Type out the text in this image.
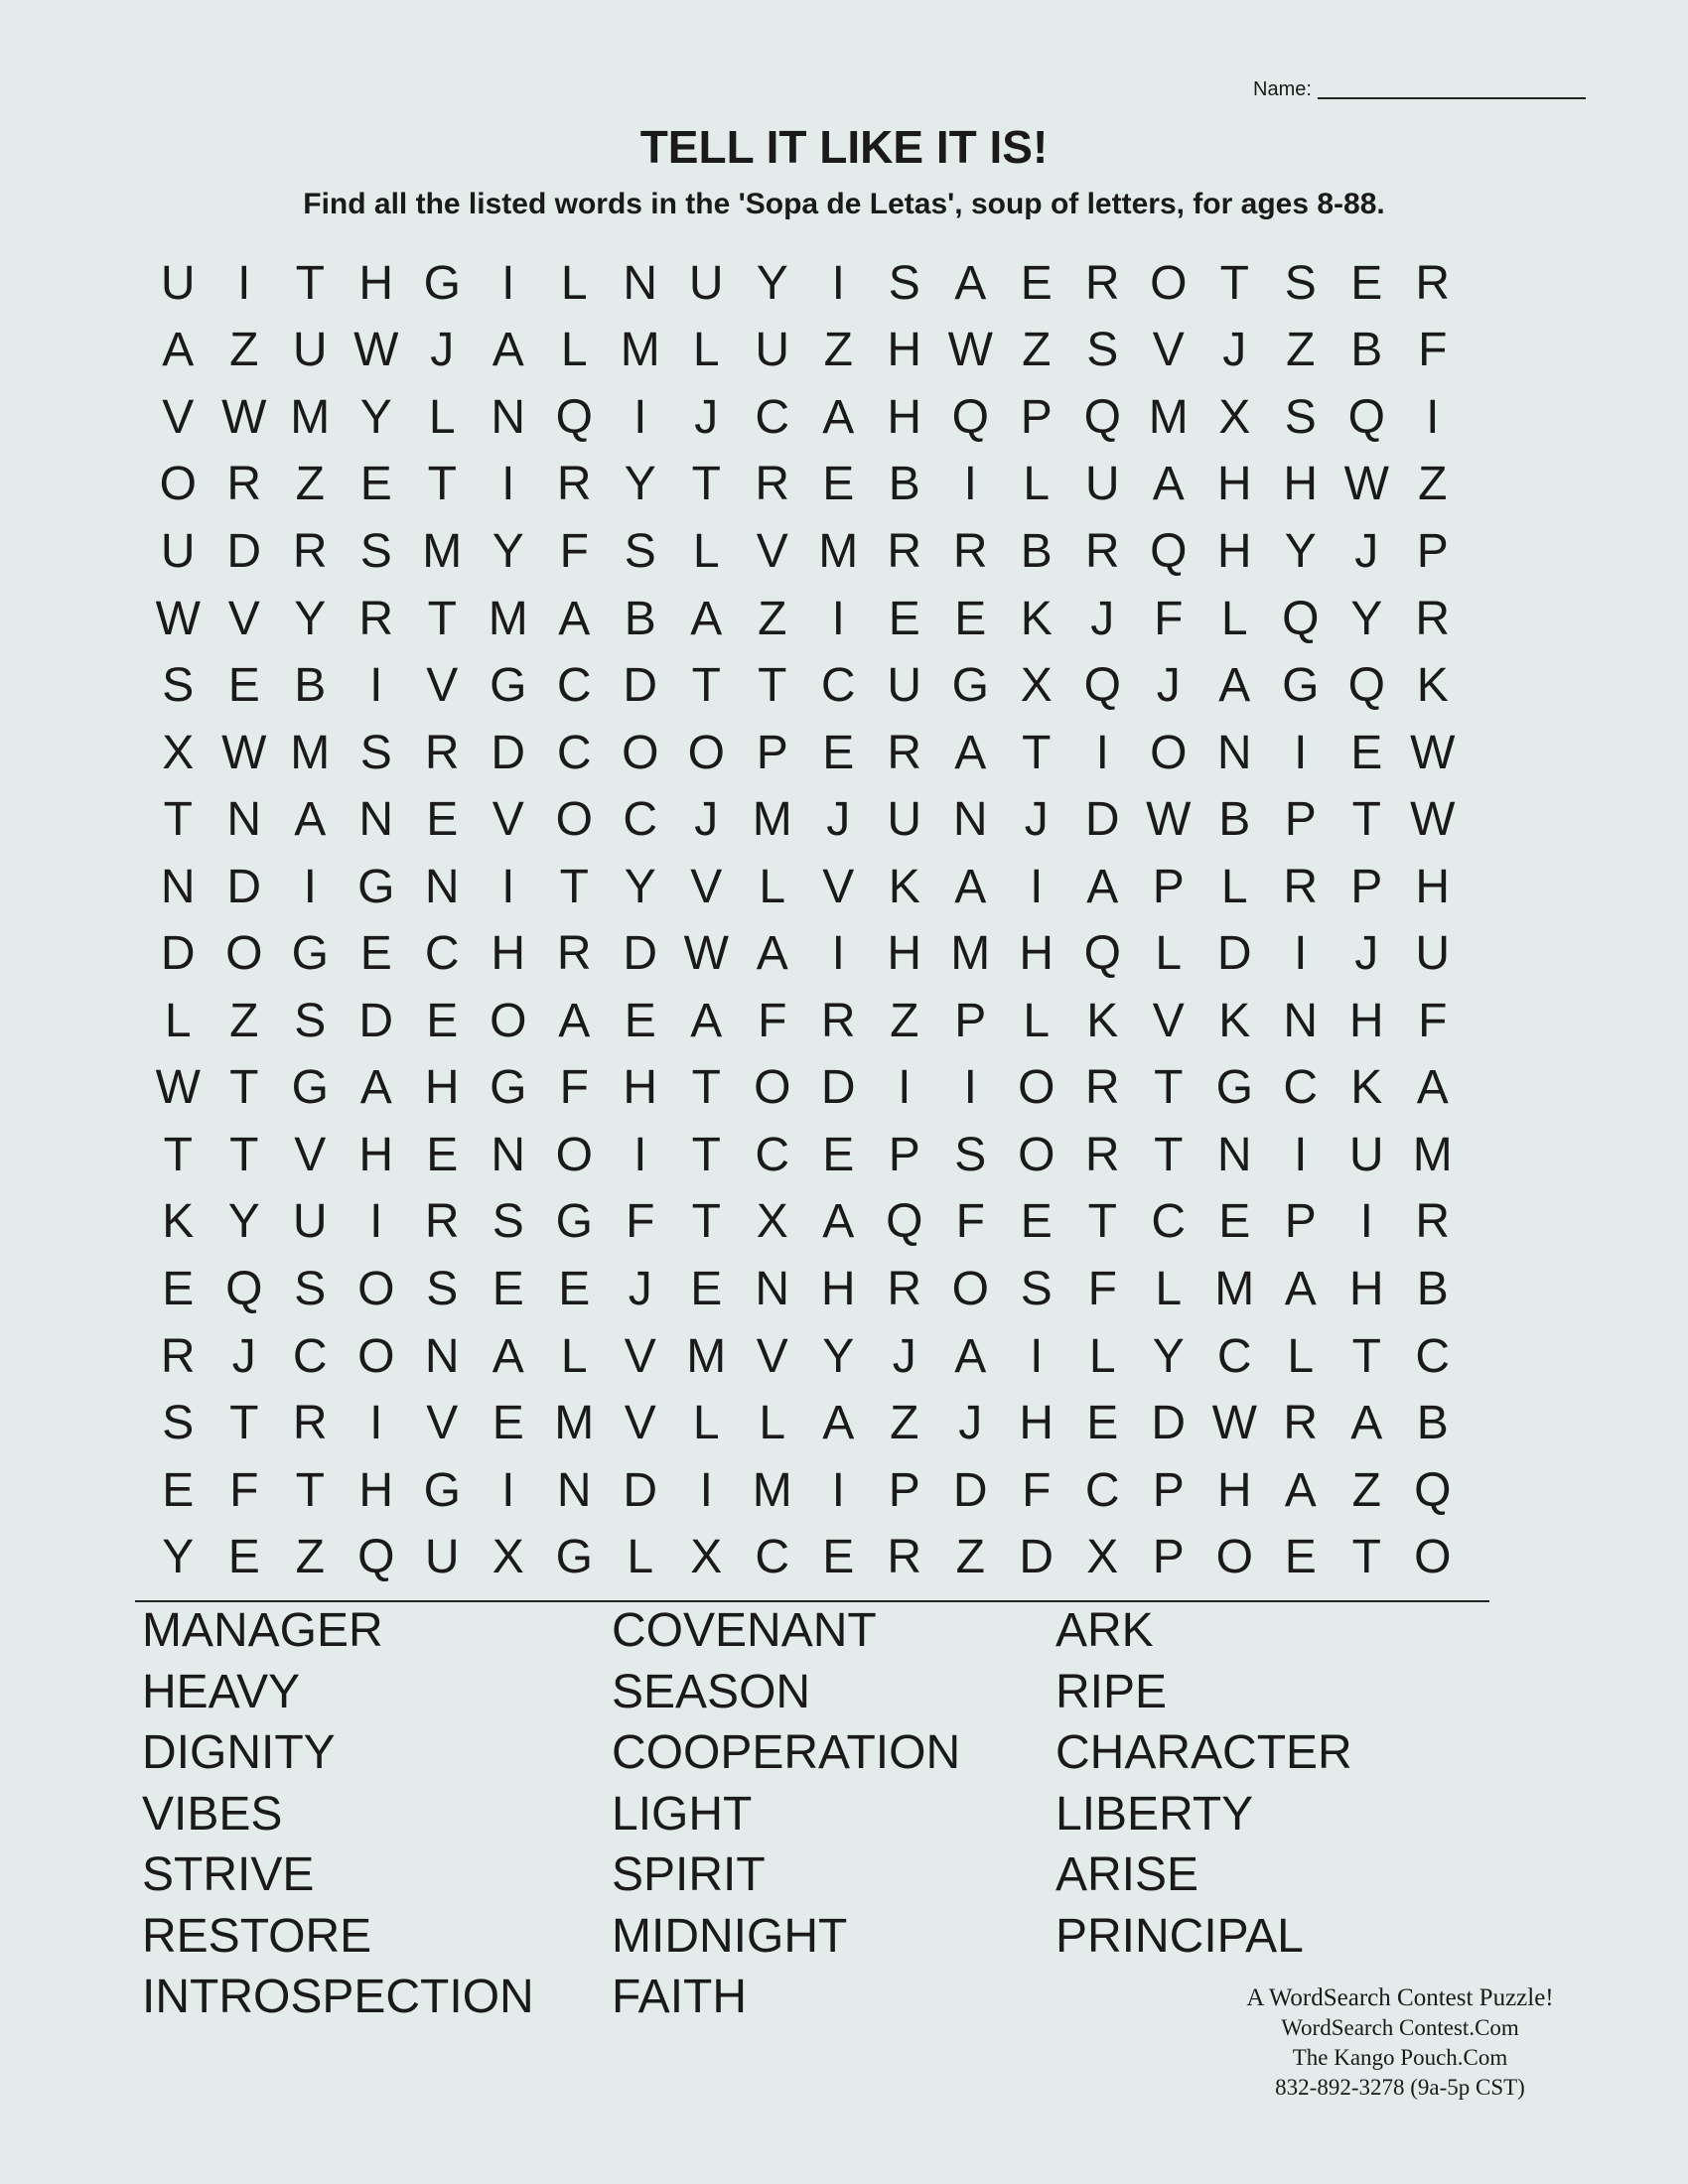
Name:
TELL IT LIKE IT IS!
Find all the listed words in the 'Sopa de Letas', soup of letters, for ages 8-88.
U I T H G I L N U Y I S A E R O T S E R
A Z U W J A L M L U Z H W Z S V J Z B F
V W M Y L N Q I J C A H Q P Q M X S Q I
O R Z E T I R Y T R E B I L U A H H W Z
U D R S M Y F S L V M R R B R Q H Y J P
W V Y R T M A B A Z I E E K J F L Q Y R
S E B I V G C D T T C U G X Q J A G Q K
X W M S R D C O O P E R A T I O N I E W
T N A N E V O C J M J U N J D W B P T W
N D I G N I T Y V L V K A I A P L R P H
D O G E C H R D W A I H M H Q L D I J U
L Z S D E O A E A F R Z P L K V K N H F
W T G A H G F H T O D I	I O R T G C K A
T T V H E N O I T C E P S O R T N I U M
K Y U I R S G F T X A Q F E T C E P I R
E Q S O S E E J E N H R O S F L M A H B
R J C O N A L V M V Y J A I L Y C L T C
S T R I V E M V L L A Z J H E D W R A B
E F T H G I N D I M I P D F C P H A Z Q
Y E Z Q U X G L X C E R Z D X P O E T O
MANAGER
HEAVY
DIGNITY
VIBES
STRIVE
RESTORE
INTROSPECTION
COVENANT
SEASON
COOPERATION
LIGHT
SPIRIT
MIDNIGHT
FAITH
ARK
RIPE
CHARACTER
LIBERTY
ARISE
PRINCIPAL
A WordSearch Contest Puzzle!
WordSearch Contest.Com
The Kango Pouch.Com
832-892-3278 (9a-5p CST)
